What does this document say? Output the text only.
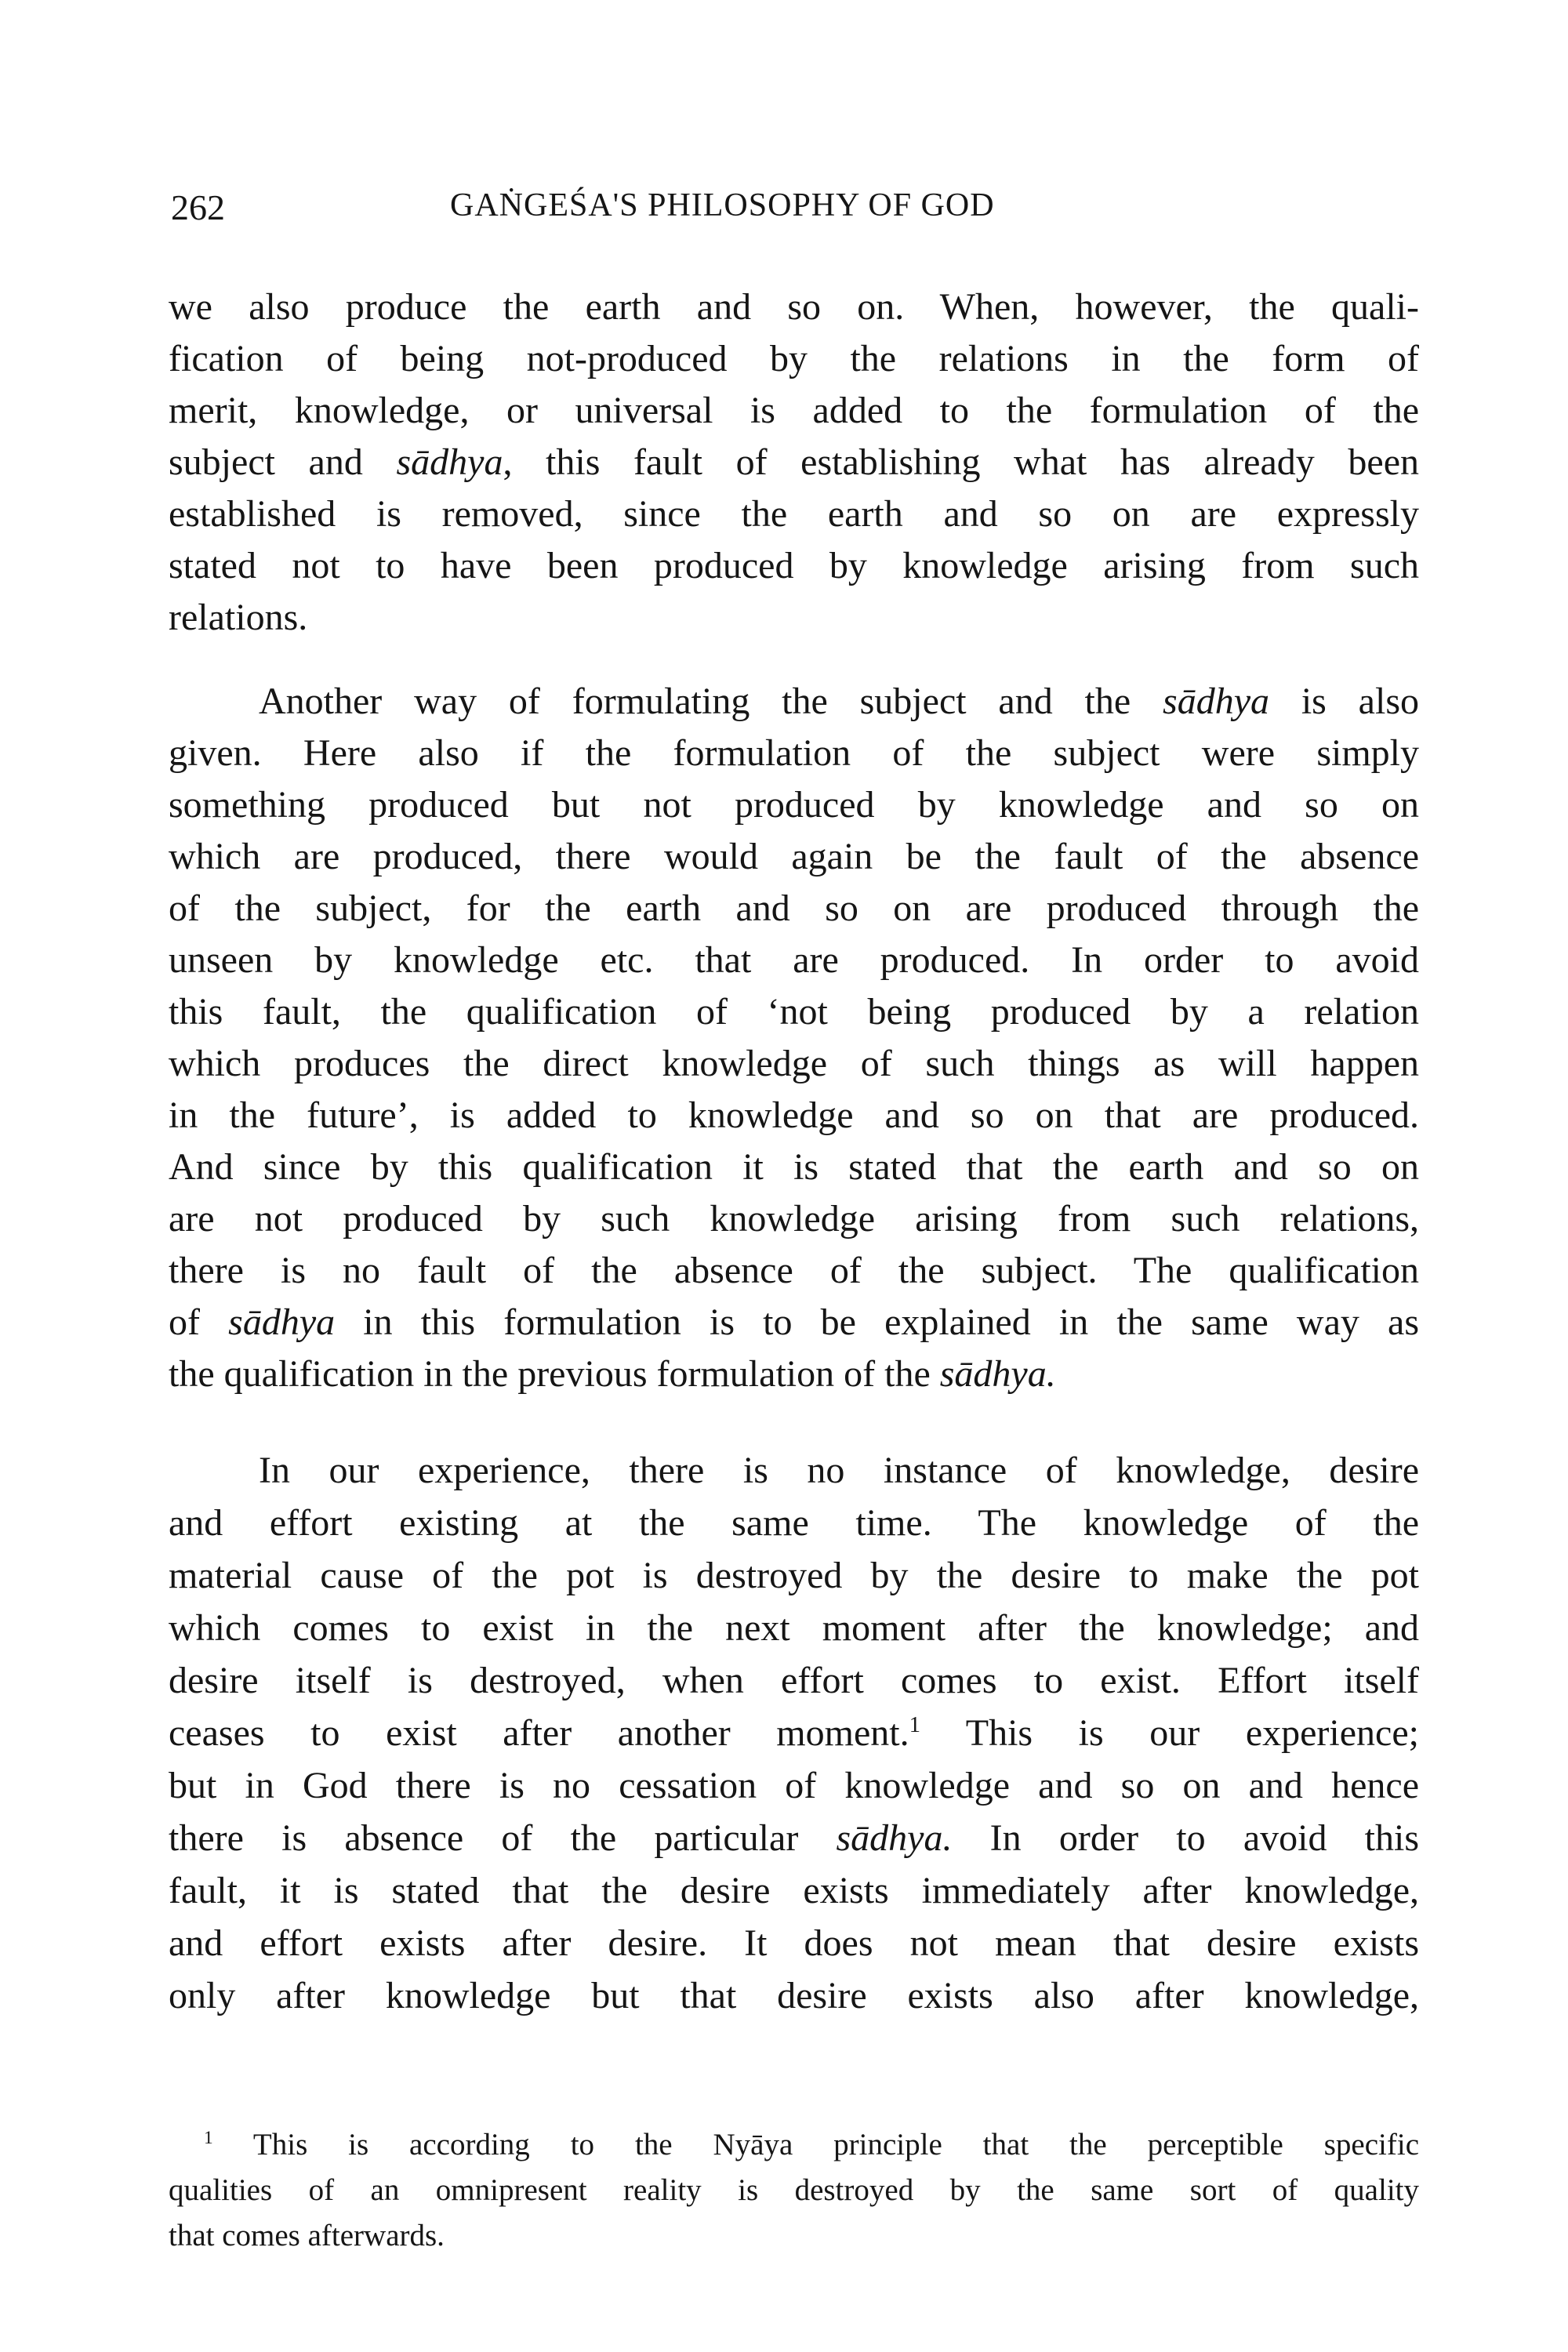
262	GAṄGEŚA'S PHILOSOPHY OF GOD
we also produce the earth and so on. When, however, the quali-
fication of being not-produced by the relations in the form of
merit, knowledge, or universal is added to the formulation of the
subject and sādhya, this fault of establishing what has already been
established is removed, since the earth and so on are expressly
stated not to have been produced by knowledge arising from such
relations.
Another way of formulating the subject and the sādhya is also
given. Here also if the formulation of the subject were simply
something produced but not produced by knowledge and so on
which are produced, there would again be the fault of the absence
of the subject, for the earth and so on are produced through the
unseen by knowledge etc. that are produced. In order to avoid
this fault, the qualification of ‘not being produced by a relation
which produces the direct knowledge of such things as will happen
in the future’, is added to knowledge and so on that are produced.
And since by this qualification it is stated that the earth and so on
are not produced by such knowledge arising from such relations,
there is no fault of the absence of the subject. The qualification
of sādhya in this formulation is to be explained in the same way as
the qualification in the previous formulation of the sādhya.
In our experience, there is no instance of knowledge, desire
and effort existing at the same time. The knowledge of the
material cause of the pot is destroyed by the desire to make the pot
which comes to exist in the next moment after the knowledge; and
desire itself is destroyed, when effort comes to exist. Effort itself
ceases to exist after another moment.$^1$ This is our experience;
but in God there is no cessation of knowledge and so on and hence
there is absence of the particular sādhya. In order to avoid this
fault, it is stated that the desire exists immediately after knowledge,
and effort exists after desire. It does not mean that desire exists
only after knowledge but that desire exists also after knowledge,
$^1$ This is according to the Nyāya principle that the perceptible specific
qualities of an omnipresent reality is destroyed by the same sort of quality
that comes afterwards.
